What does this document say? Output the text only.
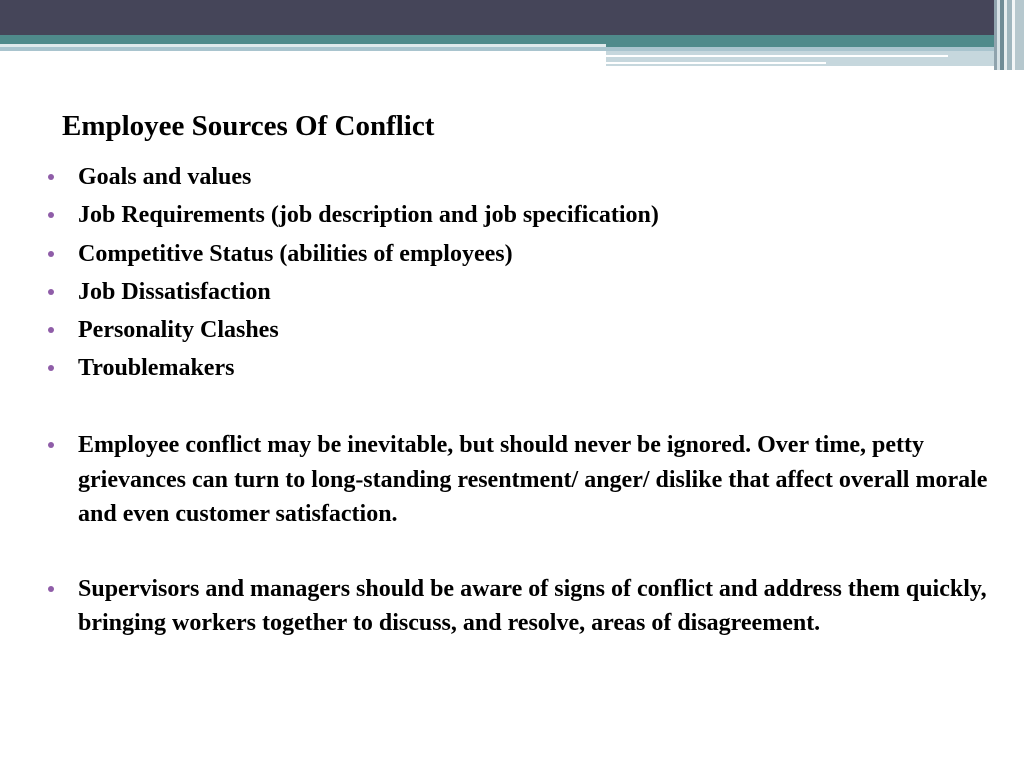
Employee Sources Of Conflict
Goals and values
Job Requirements (job description and job specification)
Competitive Status (abilities of employees)
Job Dissatisfaction
Personality Clashes
Troublemakers
Employee conflict may be inevitable, but should never be ignored. Over time, petty grievances can turn to long-standing resentment/ anger/ dislike that affect overall morale and even customer satisfaction.
Supervisors and managers should be aware of signs of conflict and address them quickly, bringing workers together to discuss, and resolve, areas of disagreement.
